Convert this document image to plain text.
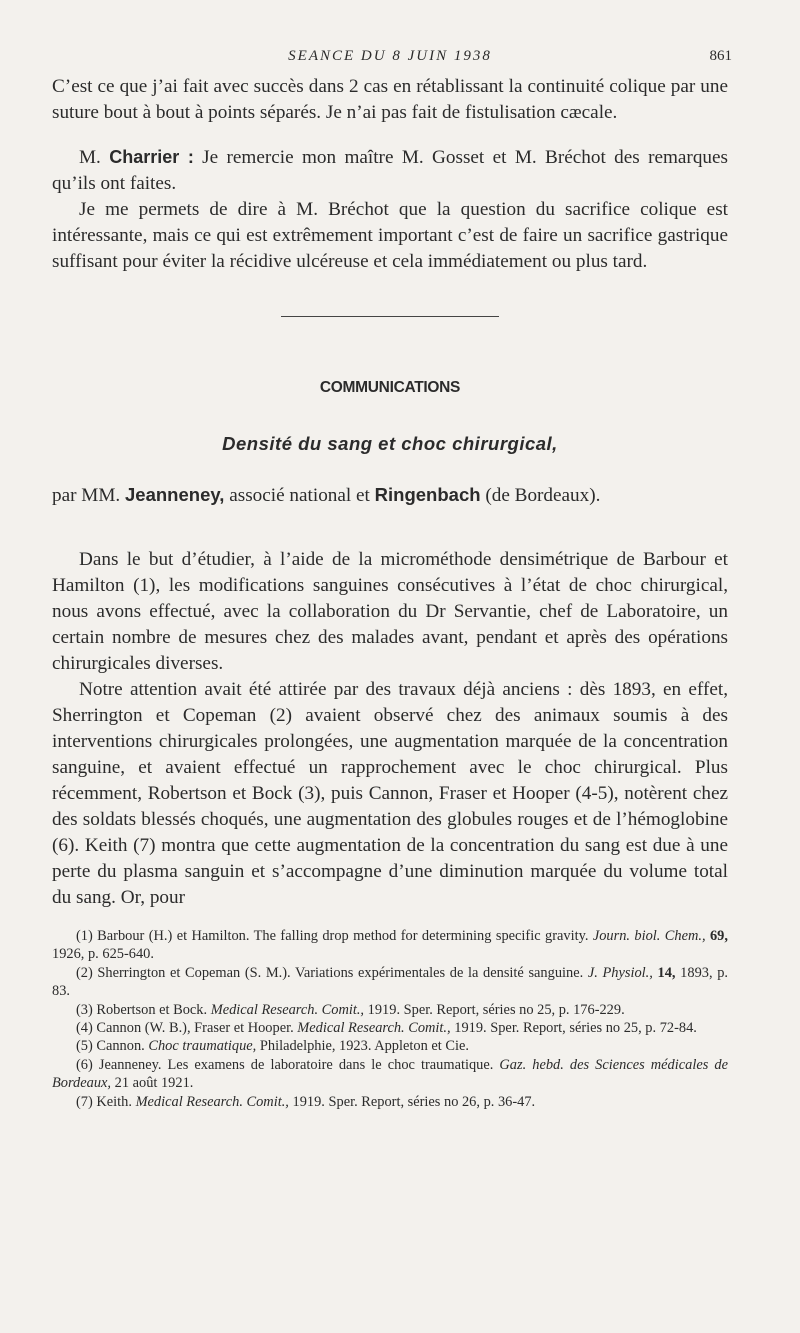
SEANCE DU 8 JUIN 1938	861

C’est ce que j’ai fait avec succès dans 2 cas en rétablissant la continuité colique par une suture bout à bout à points séparés. Je n’ai pas fait de fistulisation cæcale.

M. Charrier : Je remercie mon maître M. Gosset et M. Bréchot des remarques qu’ils ont faites.

Je me permets de dire à M. Bréchot que la question du sacrifice colique est intéressante, mais ce qui est extrêmement important c’est de faire un sacrifice gastrique suffisant pour éviter la récidive ulcéreuse et cela immédiatement ou plus tard.

COMMUNICATIONS
Densité du sang et choc chirurgical,

par MM. Jeanneney, associé national et Ringenbach (de Bordeaux).

Dans le but d’étudier, à l’aide de la microméthode densimétrique de Barbour et Hamilton (1), les modifications sanguines consécutives à l’état de choc chirurgical, nous avons effectué, avec la collaboration du Dr Servantie, chef de Laboratoire, un certain nombre de mesures chez des malades avant, pendant et après des opérations chirurgicales diverses.

Notre attention avait été attirée par des travaux déjà anciens : dès 1893, en effet, Sherrington et Copeman (2) avaient observé chez des animaux soumis à des interventions chirurgicales prolongées, une augmentation marquée de la concentration sanguine, et avaient effectué un rapprochement avec le choc chirurgical. Plus récemment, Robertson et Bock (3), puis Cannon, Fraser et Hooper (4-5), notèrent chez des soldats blessés choqués, une augmentation des globules rouges et de l’hémoglobine (6). Keith (7) montra que cette augmentation de la concentration du sang est due à une perte du plasma sanguin et s’accompagne d’une diminution marquée du volume total du sang. Or, pour

(1) Barbour (H.) et Hamilton. The falling drop method for determining specific gravity. Journ. biol. Chem., 69, 1926, p. 625-640.

(2) Sherrington et Copeman (S. M.). Variations expérimentales de la densité sanguine. J. Physiol., 14, 1893, p. 83.

(3) Robertson et Bock. Medical Research. Comit., 1919. Sper. Report, séries no 25, p. 176-229.

(4) Cannon (W. B.), Fraser et Hooper. Medical Research. Comit., 1919. Sper. Report, séries no 25, p. 72-84.

(5) Cannon. Choc traumatique, Philadelphie, 1923. Appleton et Cie.

(6) Jeanneney. Les examens de laboratoire dans le choc traumatique. Gaz. hebd. des Sciences médicales de Bordeaux, 21 août 1921.

(7) Keith. Medical Research. Comit., 1919. Sper. Report, séries no 26, p. 36-47.
